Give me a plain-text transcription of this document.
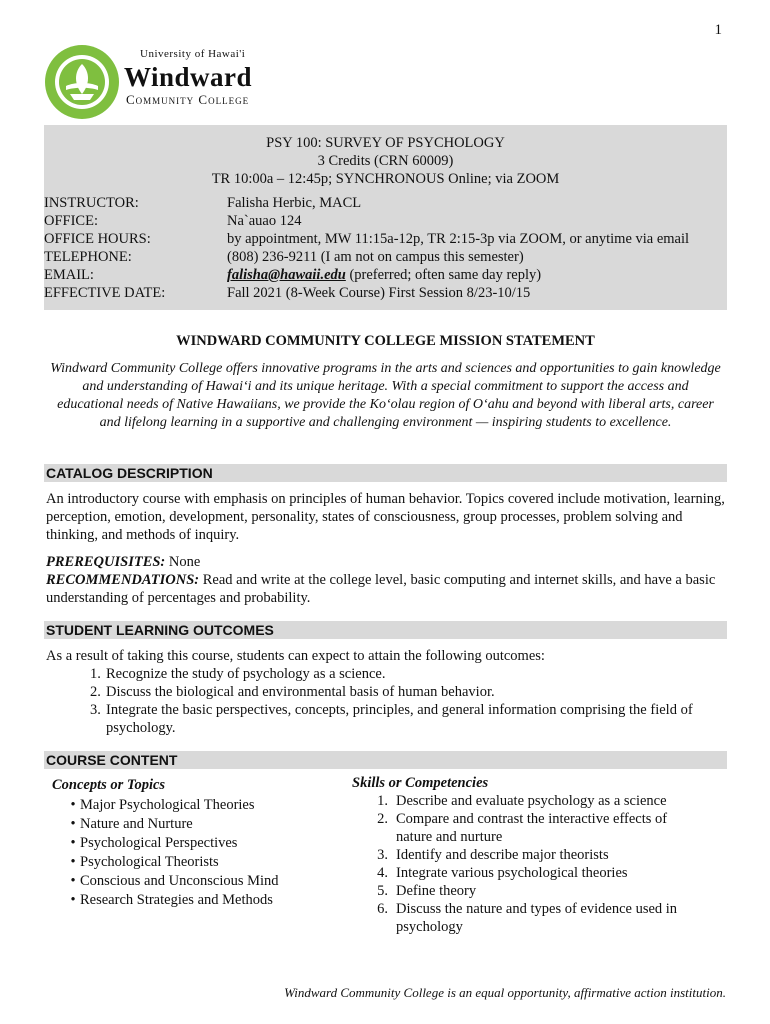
1
University of Hawai'i
Windward
Community College
PSY 100: SURVEY OF PSYCHOLOGY
3 Credits (CRN 60009)
TR 10:00a – 12:45p; SYNCHRONOUS Online; via ZOOM
INSTRUCTOR:	Falisha Herbic, MACL
OFFICE:	Na`auao 124
OFFICE HOURS:	by appointment, MW 11:15a-12p, TR 2:15-3p via ZOOM, or anytime via email
TELEPHONE:	(808) 236-9211 (I am not on campus this semester)
EMAIL:	falisha@hawaii.edu (preferred; often same day reply)
EFFECTIVE DATE:	Fall 2021 (8-Week Course) First Session 8/23-10/15
WINDWARD COMMUNITY COLLEGE MISSION STATEMENT
Windward Community College offers innovative programs in the arts and sciences and opportunities to gain knowledge and understanding of Hawai‘i and its unique heritage. With a special commitment to support the access and educational needs of Native Hawaiians, we provide the Ko‘olau region of O‘ahu and beyond with liberal arts, career and lifelong learning in a supportive and challenging environment — inspiring students to excellence.
CATALOG DESCRIPTION
An introductory course with emphasis on principles of human behavior. Topics covered include motivation, learning, perception, emotion, development, personality, states of consciousness, group processes, problem solving and thinking, and methods of inquiry.
PREREQUISITES: None
RECOMMENDATIONS: Read and write at the college level, basic computing and internet skills, and have a basic understanding of percentages and probability.
STUDENT LEARNING OUTCOMES
As a result of taking this course, students can expect to attain the following outcomes:
1. Recognize the study of psychology as a science.
2. Discuss the biological and environmental basis of human behavior.
3. Integrate the basic perspectives, concepts, principles, and general information comprising the field of psychology.
COURSE CONTENT
Concepts or Topics
• Major Psychological Theories
• Nature and Nurture
• Psychological Perspectives
• Psychological Theorists
• Conscious and Unconscious Mind
• Research Strategies and Methods
Skills or Competencies
1. Describe and evaluate psychology as a science
2. Compare and contrast the interactive effects of nature and nurture
3. Identify and describe major theorists
4. Integrate various psychological theories
5. Define theory
6. Discuss the nature and types of evidence used in psychology
Windward Community College is an equal opportunity, affirmative action institution.
